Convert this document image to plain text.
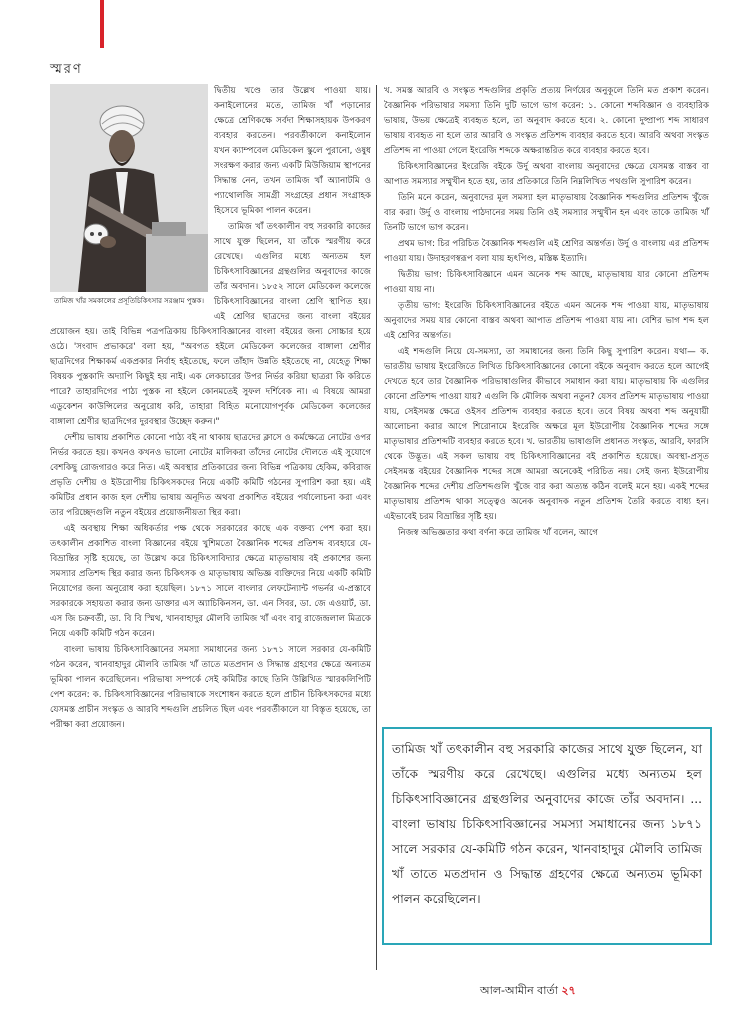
স্মরণ
তামিজ খাঁর সমকালের প্রসূতিচিকিৎসার সরঞ্জাম পুস্তক।

দ্বিতীয় খণ্ডে তার উল্লেখ পাওয়া যায়। কনাইলোনের মতে, তামিজ খাঁ পড়ানোর ক্ষেত্রে শ্রেণিকক্ষে সর্বদা শিক্ষাসহায়ক উপকরণ ব্যবহার করতেন। পরবর্তীকালে কনাইলোন যখন ক্যাম্পবেল মেডিকেল স্কুলে পুরানো, ওষুধ সংরক্ষণ করার জন্য একটি মিউজিয়াম স্থাপনের সিদ্ধান্ত নেন, তখন তামিজ খাঁ অ্যানাটমি ও প্যাথোলজি সামগ্রী সংগ্রহের প্রধান সংগ্রাহক হিসেবে ভূমিকা পালন করেন।

তামিজ খাঁ তৎকালীন বহু সরকারি কাজের সাথে যুক্ত ছিলেন, যা তাঁকে স্মরণীয় করে রেখেছে। এগুলির মধ্যে অন্যতম হল চিকিৎসাবিজ্ঞানের গ্রন্থগুলির অনুবাদের কাজে তাঁর অবদান। ১৮৫২ সালে মেডিকেল কলেজে চিকিৎসাবিজ্ঞানের বাংলা শ্রেণি স্থাপিত হয়। এই শ্রেণির ছাত্রদের জন্য বাংলা বইয়ের প্রয়োজন হয়। তাই বিভিন্ন পত্রপত্রিকায় চিকিৎসাবিজ্ঞানের বাংলা বইয়ের জন্য সোচ্চার হয়ে ওঠে। 'সংবাদ প্রভাকরে' বলা হয়, "অবগত হইলে মেডিকেল কলেজের বাঙ্গালা শ্রেণীর ছাত্রদিগের শিক্ষাকর্ম একপ্রকার নির্বাহ হইতেছে, ফলে তাঁহাদ উন্নতি হইতেছে না, যেহেতু শিক্ষা বিষয়ক পুস্তকাদি অদ্যাপি কিছুই হয় নাই। এক লেকচারের উপর নির্ভর করিয়া ছাত্ররা কি করিতে পারে? তাহারদিগের পাঠ্য পুস্তক না হইলে কোনমতেই সুফল দর্শিবেক না। এ বিষয়ে আমরা এডুকেশন কাউন্সিলের অনুরোধ করি, তাহারা বিহিত মনোযোগপূর্বক মেডিকেল কলেজের বাঙ্গালা শ্রেণীর ছাত্রদিগের দুরবস্থার উচ্ছেদ করুন।"

দেশীয় ভাষায় প্রকাশিত কোনো পাঠ্য বই না থাকায় ছাত্রদের ক্লাসে ও কর্মক্ষেত্রে নোটের ওপর নির্ভর করতে হয়। কখনও কখনও ভালো নোটের মালিকরা তাঁদের নোটের দৌলতে এই সুযোগে বেশকিছু রোজগারও করে নিত। এই অবস্থার প্রতিকারের জন্য বিভিন্ন পত্রিকায় হেকিম, কবিরাজ প্রভৃতি দেশীয় ও ইউরোপীয় চিকিৎসকদের নিয়ে একটি কমিটি গঠনের সুপারিশ করা হয়। এই কমিটির প্রধান কাজ হল দেশীয় ভাষায় অনূদিত অথবা প্রকাশিত বইয়ের পর্যালোচনা করা এবং তার পরিচ্ছেদগুলি নতুন বইয়ের প্রয়োজনীয়তা স্থির করা।

এই অবস্থায় শিক্ষা অধিকর্তার পক্ষ থেকে সরকারের কাছে এক বক্তব্য পেশ করা হয়। তৎকালীন প্রকাশিত বাংলা বিজ্ঞানের বইয়ে খুশিমতো বৈজ্ঞানিক শব্দের প্রতিশব্দ ব্যবহারে যে-বিভ্রান্তির সৃষ্টি হয়েছে, তা উল্লেখ করে চিকিৎসাবিদ্যার ক্ষেত্রে মাতৃভাষায় বই প্রকাশের জন্য সমস্যার প্রতিশব্দ স্থির করার জন্য চিকিৎসক ও মাতৃভাষায় অভিজ্ঞ ব্যক্তিদের নিয়ে একটি কমিটি নিয়োগের জন্য অনুরোধ করা হয়েছিল। ১৮৭১ সালে বাংলার লেফটেন্যান্ট গভর্নর এ-প্রস্তাবে সরকারকে সহায়তা করার জন্য ডাক্তার এস অ্যাচিকিনসন, ডা. এন সিবর, ডা. জে এওয়ার্ট, ডা. এস জি চক্রবর্তী, ডা. বি বি স্মিথ, খানবাহাদুর মৌলবি তামিজ খাঁ এবং বাবু রাজেন্দ্রলাল মিত্রকে নিয়ে একটি কমিটি গঠন করেন।

বাংলা ভাষায় চিকিৎসাবিজ্ঞানের সমস্যা সমাধানের জন্য ১৮৭১ সালে সরকার যে-কমিটি গঠন করেন, খানবাহাদুর মৌলবি তামিজ খাঁ তাতে মতপ্রদান ও সিদ্ধান্ত গ্রহণের ক্ষেত্রে অন্যতম ভূমিকা পালন করেছিলেন। পরিভাষা সম্পর্কে সেই কমিটির কাছে তিনি উল্লিখিত স্মারকলিপিটি পেশ করেন: ক. চিকিৎসাবিজ্ঞানের পরিভাষাকে সংশোধন করতে হলে প্রাচীন চিকিৎসকদের মধ্যে যেসমস্ত প্রাচীন সংস্কৃত ও আরবি শব্দগুলি প্রচলিত ছিল এবং পরবর্তীকালে যা বিস্তৃত হয়েছে, তা পরীক্ষা করা প্রয়োজন।

খ. সমস্ত আরবি ও সংস্কৃত শব্দগুলির প্রকৃতি প্রত্যয় নির্ণয়ের অনুকূলে তিনি মত প্রকাশ করেন। বৈজ্ঞানিক পরিভাষার সমস্যা তিনি দুটি ভাগে ভাগ করেন: ১. কোনো শব্দবিজ্ঞান ও ব্যবহারিক ভাষায়, উভয় ক্ষেত্রেই ব্যবহৃত হলে, তা অনুবাদ করতে হবে। ২. কোনো দুষ্প্রাপ্য শব্দ সাধারণ ভাষায় ব্যবহৃত না হলে তার আরবি ও সংস্কৃত প্রতিশব্দ ব্যবহার করতে হবে। আরবি অথবা সংস্কৃত প্রতিশব্দ না পাওয়া গেলে ইংরেজি শব্দকে অক্ষরান্তরিত করে ব্যবহার করতে হবে।

চিকিৎসাবিজ্ঞানের ইংরেজি বইকে উর্দু অথবা বাংলায় অনুবাদের ক্ষেত্রে যেসমস্ত বাস্তব বা আপাত সমস্যার সম্মুখীন হতে হয়, তার প্রতিকারে তিনি নিম্নলিখিত পথগুলি সুপারিশ করেন।

তিনি মনে করেন, অনুবাদের মূল সমস্যা হল মাতৃভাষায় বৈজ্ঞানিক শব্দগুলির প্রতিশব্দ খুঁজে বার করা। উর্দু ও বাংলায় পাঠদানের সময় তিনি ওই সমস্যার সম্মুখীন হন এবং তাকে তামিজ খাঁ তিনটি ভাগে ভাগ করেন।

প্রথম ভাগ: চির পরিচিত বৈজ্ঞানিক শব্দগুলি এই শ্রেণির অন্তর্গত। উর্দু ও বাংলায় এর প্রতিশব্দ পাওয়া যায়। উদাহরণস্বরূপ বলা যায় হৃৎপিণ্ড, মস্তিষ্ক ইত্যাদি।

দ্বিতীয় ভাগ: চিকিৎসাবিজ্ঞানে এমন অনেক শব্দ আছে, মাতৃভাষায় যার কোনো প্রতিশব্দ পাওয়া যায় না।

তৃতীয় ভাগ: ইংরেজি চিকিৎসাবিজ্ঞানের বইতে এমন অনেক শব্দ পাওয়া যায়, মাতৃভাষায় অনুবাদের সময় যার কোনো বাস্তব অথবা আপাত প্রতিশব্দ পাওয়া যায় না। বেশির ভাগ শব্দ হল এই শ্রেণির অন্তর্গত।

এই শব্দগুলি নিয়ে যে-সমস্যা, তা সমাধানের জন্য তিনি কিছু সুপারিশ করেন। যথা— ক. ভারতীয় ভাষায় ইংরেজিতে লিখিত চিকিৎসাবিজ্ঞানের কোনো বইকে অনুবাদ করতে হলে আগেই দেখতে হবে তার বৈজ্ঞানিক পরিভাষাগুলির কীভাবে সমাধান করা যায়। মাতৃভাষায় কি এগুলির কোনো প্রতিশব্দ পাওয়া যায়? এগুলি কি মৌলিক অথবা নতুন? যেসব প্রতিশব্দ মাতৃভাষায় পাওয়া যায়, সেইসমস্ত ক্ষেত্রে ওইসব প্রতিশব্দ ব্যবহার করতে হবে। তবে বিষয় অথবা শব্দ অনুযায়ী আলোচনা করার আগে শিরোনামে ইংরেজি অক্ষরে মূল ইউরোপীয় বৈজ্ঞানিক শব্দের সঙ্গে মাতৃভাষার প্রতিশব্দটি ব্যবহার করতে হবে। খ. ভারতীয় ভাষাগুলি প্রধানত সংস্কৃত, আরবি, ফারসি থেকে উদ্ভূত। এই সকল ভাষায় বহু চিকিৎসাবিজ্ঞানের বই প্রকাশিত হয়েছে। অবস্থা-প্রসূত সেইসমস্ত বইয়ের বৈজ্ঞানিক শব্দের সঙ্গে আমরা অনেকেই পরিচিত নয়। সেই জন্য ইউরোপীয় বৈজ্ঞানিক শব্দের দেশীয় প্রতিশব্দগুলি খুঁজে বার করা অত্যন্ত কঠিন বলেই মনে হয়। একই শব্দের মাতৃভাষায় প্রতিশব্দ থাকা সত্ত্বেও অনেক অনুবাদক নতুন প্রতিশব্দ তৈরি করতে বাধ্য হন। এইভাবেই চরম বিভ্রান্তির সৃষ্টি হয়।

নিজস্ব অভিজ্ঞতার কথা বর্ণনা করে তামিজ খাঁ বলেন, আগে

তামিজ খাঁ তৎকালীন বহু সরকারি কাজের সাথে যুক্ত ছিলেন, যা তাঁকে স্মরণীয় করে রেখেছে। এগুলির মধ্যে অন্যতম হল চিকিৎসাবিজ্ঞানের গ্রন্থগুলির অনুবাদের কাজে তাঁর অবদান। ... বাংলা ভাষায় চিকিৎসাবিজ্ঞানের সমস্যা সমাধানের জন্য ১৮৭১ সালে সরকার যে-কমিটি গঠন করেন, খানবাহাদুর মৌলবি তামিজ খাঁ তাতে মতপ্রদান ও সিদ্ধান্ত গ্রহণের ক্ষেত্রে অন্যতম ভূমিকা পালন করেছিলেন।

আল-আমীন বার্তা ২৭
